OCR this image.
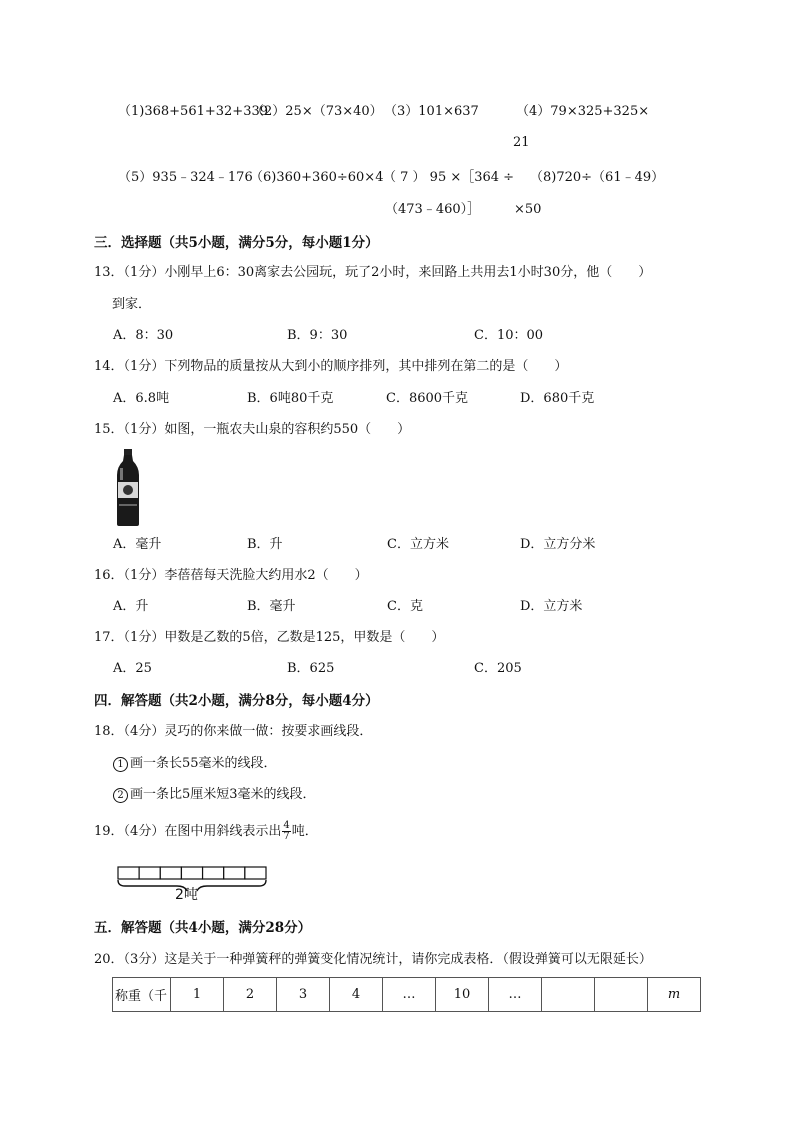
（1)368+561+32+339
（2）25×（73×40） （3）101×637	（4）79×325+325×
21
（5）935﹣324﹣176
（6)360+360÷60×4 （ 7 ） 95 ×［364 ÷
（473﹣460）］
（8)720÷（61﹣49）
×50
三．选择题（共5小题，满分5分，每小题1分）
13．（1分）小刚早上6：30离家去公园玩，玩了2小时，来回路上共用去1小时30分，他（　　）
到家．
A．8：30	B．9：30	C．10：00
14．（1分）下列物品的质量按从大到小的顺序排列，其中排列在第二的是（　　）
A．6.8吨	B．6吨80千克	C．8600千克	D．680千克
15．（1分）如图，一瓶农夫山泉的容积约550（　　）
A．毫升	B．升	C．立方米	D．立方分米
16．（1分）李蓓蓓每天洗脸大约用水2（　　）
A．升	B．毫升	C．克	D．立方米
17．（1分）甲数是乙数的5倍，乙数是125，甲数是（　　）
A．25	B．625	C．205
四．解答题（共2小题，满分8分，每小题4分）
18．（4分）灵巧的你来做一做：按要求画线段．
1 画一条长55毫米的线段．
2 画一条比5厘米短3毫米的线段．
19．（4分）在图中用斜线表示出 $\frac{4}{7}$ 吨．
2吨
五．解答题（共4小题，满分28分）
20．（3分）这是关于一种弹簧秤的弹簧变化情况统计，请你完成表格．（假设弹簧可以无限延长）
称重（千	1	2	3	4	…	10	…			m
